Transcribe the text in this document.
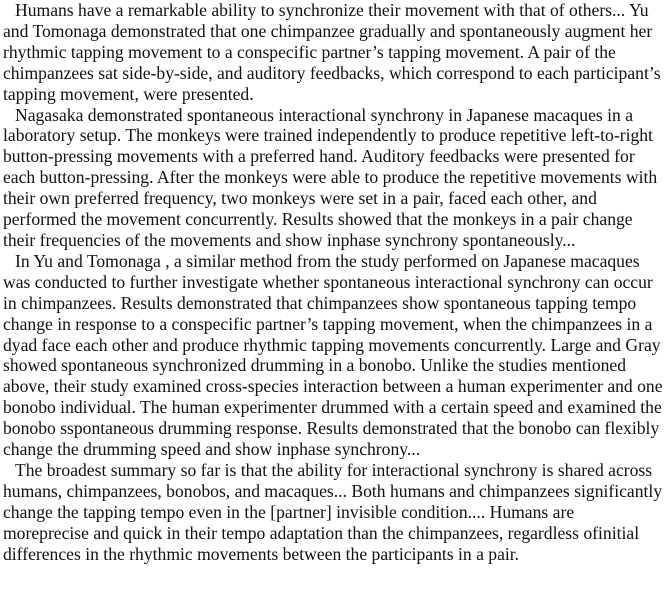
Humans have a remarkable ability to synchronize their movement with that of others... Yu and Tomonaga demonstrated that one chimpanzee gradually and spontaneously augment her rhythmic tapping movement to a conspecific partner’s tapping movement. A pair of the chimpanzees sat side-by-side, and auditory feedbacks, which correspond to each participant’s tapping movement, were presented.

Nagasaka demonstrated spontaneous interactional synchrony in Japanese macaques in a laboratory setup. The monkeys were trained independently to produce repetitive left-to-right button-pressing movements with a preferred hand. Auditory feedbacks were presented for each button-pressing. After the monkeys were able to produce the repetitive movements with their own preferred frequency, two monkeys were set in a pair, faced each other, and performed the movement concurrently. Results showed that the monkeys in a pair change their frequencies of the movements and show inphase synchrony spontaneously...

In Yu and Tomonaga , a similar method from the study performed on Japanese macaques was conducted to further investigate whether spontaneous interactional synchrony can occur in chimpanzees. Results demonstrated that chimpanzees show spontaneous tapping tempo change in response to a conspecific partner’s tapping movement, when the chimpanzees in a dyad face each other and produce rhythmic tapping movements concurrently. Large and Gray showed spontaneous synchronized drumming in a bonobo. Unlike the studies mentioned above, their study examined cross-species interaction between a human experimenter and one bonobo individual. The human experimenter drummed with a certain speed and examined the bonobo sspontaneous drumming response. Results demonstrated that the bonobo can flexibly change the drumming speed and show inphase synchrony...

The broadest summary so far is that the ability for interactional synchrony is shared across humans, chimpanzees, bonobos, and macaques... Both humans and chimpanzees significantly change the tapping tempo even in the [partner] invisible condition.... Humans are moreprecise and quick in their tempo adaptation than the chimpanzees, regardless ofinitial differences in the rhythmic movements between the participants in a pair.
